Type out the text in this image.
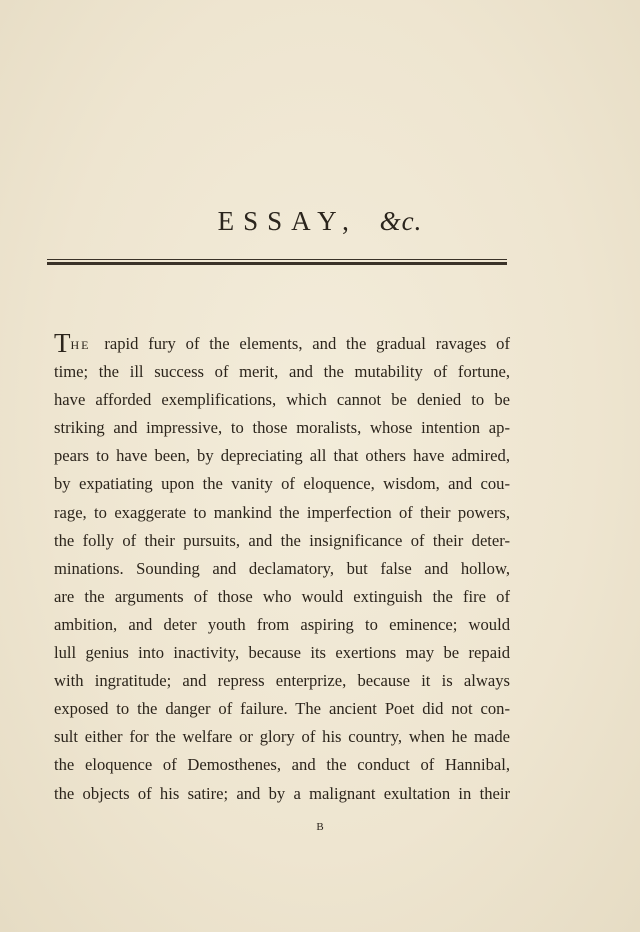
ESSAY, &c.
THE rapid fury of the elements, and the gradual ravages of
time; the ill success of merit, and the mutability of fortune,
have afforded exemplifications, which cannot be denied to be
striking and impressive, to those moralists, whose intention ap-
pears to have been, by depreciating all that others have admired,
by expatiating upon the vanity of eloquence, wisdom, and cou-
rage, to exaggerate to mankind the imperfection of their powers,
the folly of their pursuits, and the insignificance of their deter-
minations. Sounding and declamatory, but false and hollow,
are the arguments of those who would extinguish the fire of
ambition, and deter youth from aspiring to eminence; would
lull genius into inactivity, because its exertions may be repaid
with ingratitude; and repress enterprize, because it is always
exposed to the danger of failure. The ancient Poet did not con-
sult either for the welfare or glory of his country, when he made
the eloquence of Demosthenes, and the conduct of Hannibal,
the objects of his satire; and by a malignant exultation in their
B
